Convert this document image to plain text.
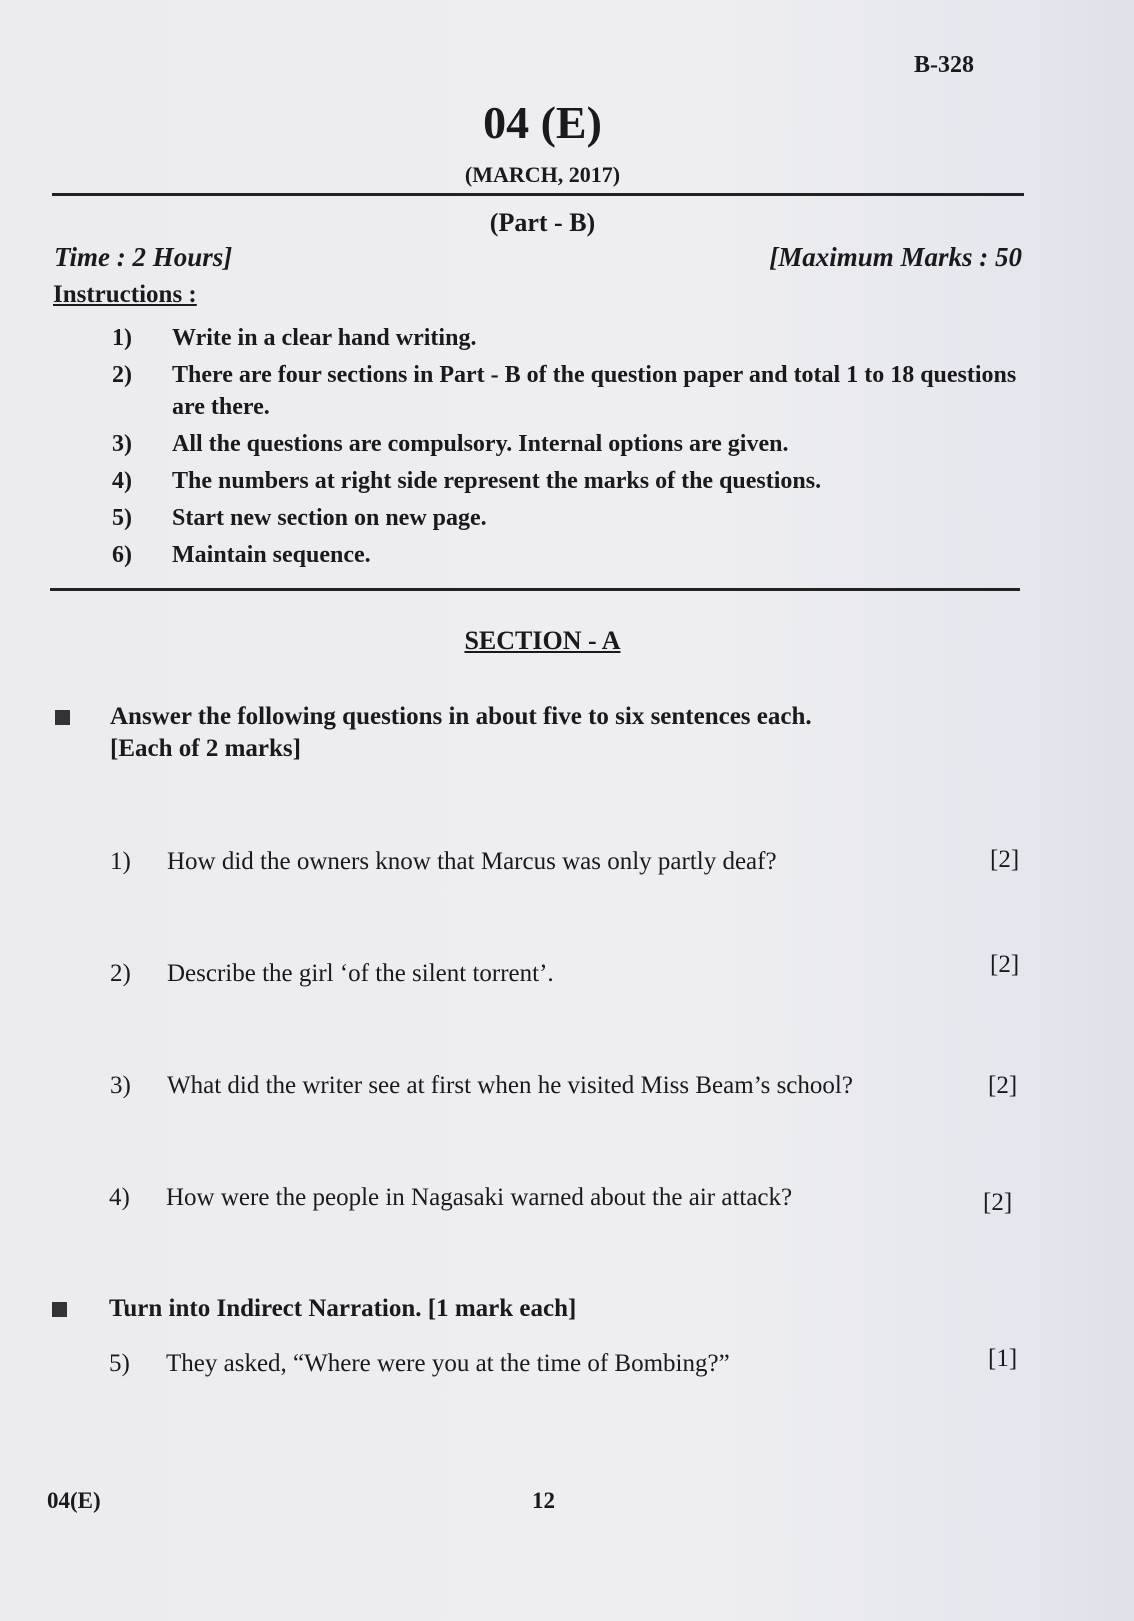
B-328
04 (E)
(MARCH, 2017)
(Part - B)
Time : 2 Hours]	[Maximum Marks : 50
Instructions :
1)	Write in a clear hand writing.
2)	There are four sections in Part - B of the question paper and total 1 to 18 questions are there.
3)	All the questions are compulsory. Internal options are given.
4)	The numbers at right side represent the marks of the questions.
5)	Start new section on new page.
6)	Maintain sequence.
SECTION - A
Answer the following questions in about five to six sentences each.
[Each of 2 marks]
1) How did the owners know that Marcus was only partly deaf?	[2]
2) Describe the girl ‘of the silent torrent’.	[2]
3) What did the writer see at first when he visited Miss Beam’s school?	[2]
4) How were the people in Nagasaki warned about the air attack?	[2]
Turn into Indirect Narration. [1 mark each]
5) They asked, “Where were you at the time of Bombing?”	[1]
04(E)	12
